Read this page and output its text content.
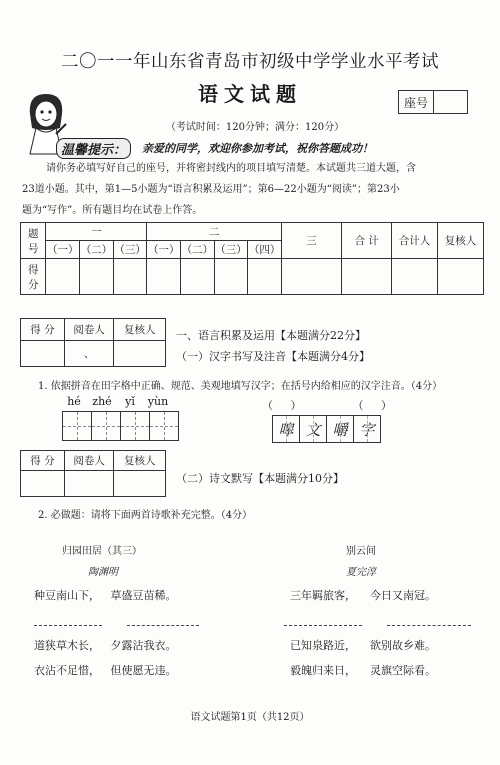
二〇一一年山东省青岛市初级中学学业水平考试
语文试题	座号
（考试时间：120分钟；满分：120分）
温馨提示：	亲爱的同学，欢迎你参加考试，祝你答题成功！
请你务必填写好自己的座号，并将密封线内的项目填写清楚。本试题共三道大题，含
23道小题。其中，第1—5小题为“语言积累及运用”；第6—22小题为“阅读”；第23小
题为“写作”。所有题目均在试卷上作答。
题
号	一			二				三	合 计	合计人	复核人
	（一）	（二）	（三）	（一）	（二）	（三）	（四）				
得
分											
得 分	阅卷人	复核人
	、	
一、语言积累及运用【本题满分22分】
（一）汉字书写及注音【本题满分4分】
1. 依据拼音在田字格中正确、规范、美观地填写汉字；在括号内给相应的汉字注音。（4分）
hé	zhé	yǐ	yùn	（ ）	（ ）
嗥 文 嚼 字
得 分	阅卷人	复核人

（二）诗文默写【本题满分10分】
2. 必做题：请将下面两首诗歌补充完整。（4分）
归园田居（其三）
陶渊明
种豆南山下， 草盛豆苗稀。

道狭草木长， 夕露沾我衣。
衣沾不足惜， 但使愿无违。
别云间
夏完淳
三年羁旅客， 今日又南冠。

已知泉路近， 欲别故乡难。
毅魄归来日， 灵旗空际看。
语文试题第1页（共12页）
